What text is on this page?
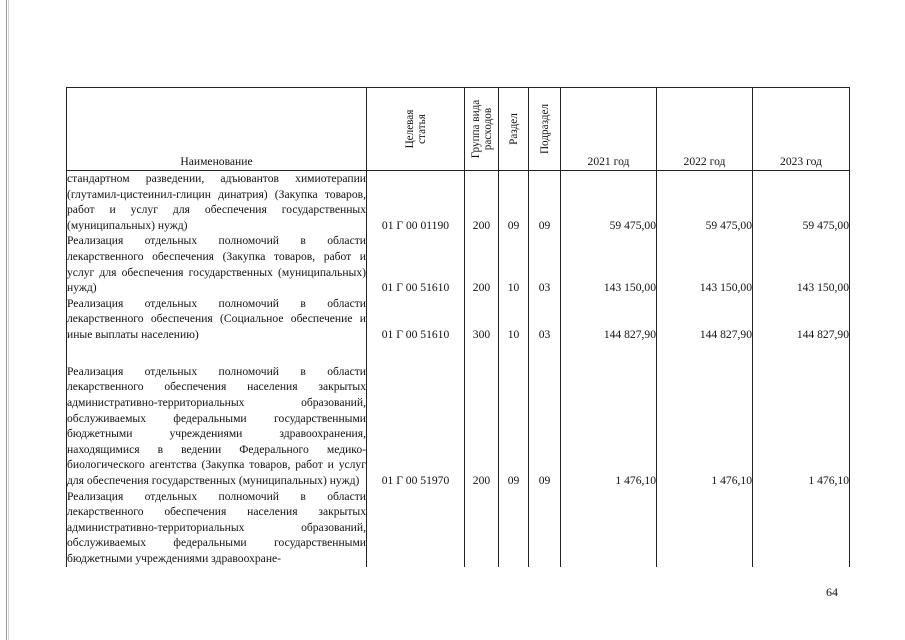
Наименование	Целевая статья	Группа вида расходов	Раздел	Подраздел	2021 год	2022 год	2023 год
стандартном разведении, адъювантов химиотерапии (глутамил-цистеинил-глицин динатрия) (Закупка товаров, работ и услуг для обеспечения государственных (муниципальных) нужд)	01 Г 00 01190	200	09	09	59 475,00	59 475,00	59 475,00
Реализация отдельных полномочий в области лекарственного обеспечения (Закупка товаров, работ и услуг для обеспечения государственных (муниципальных) нужд)	01 Г 00 51610	200	10	03	143 150,00	143 150,00	143 150,00
Реализация отдельных полномочий в области лекарственного обеспечения (Социальное обеспечение и иные выплаты населению)	01 Г 00 51610	300	10	03	144 827,90	144 827,90	144 827,90
Реализация отдельных полномочий в области лекарственного обеспечения населения закрытых административно-территориальных образований, обслуживаемых федеральными государственными бюджетными учреждениями здравоохранения, находящимися в ведении Федерального медико-биологического агентства (Закупка товаров, работ и услуг для обеспечения государственных (муниципальных) нужд)	01 Г 00 51970	200	09	09	1 476,10	1 476,10	1 476,10
Реализация отдельных полномочий в области лекарственного обеспечения населения закрытых административно-территориальных образований, обслуживаемых федеральными государственными бюджетными учреждениями здравоохране-							
64
